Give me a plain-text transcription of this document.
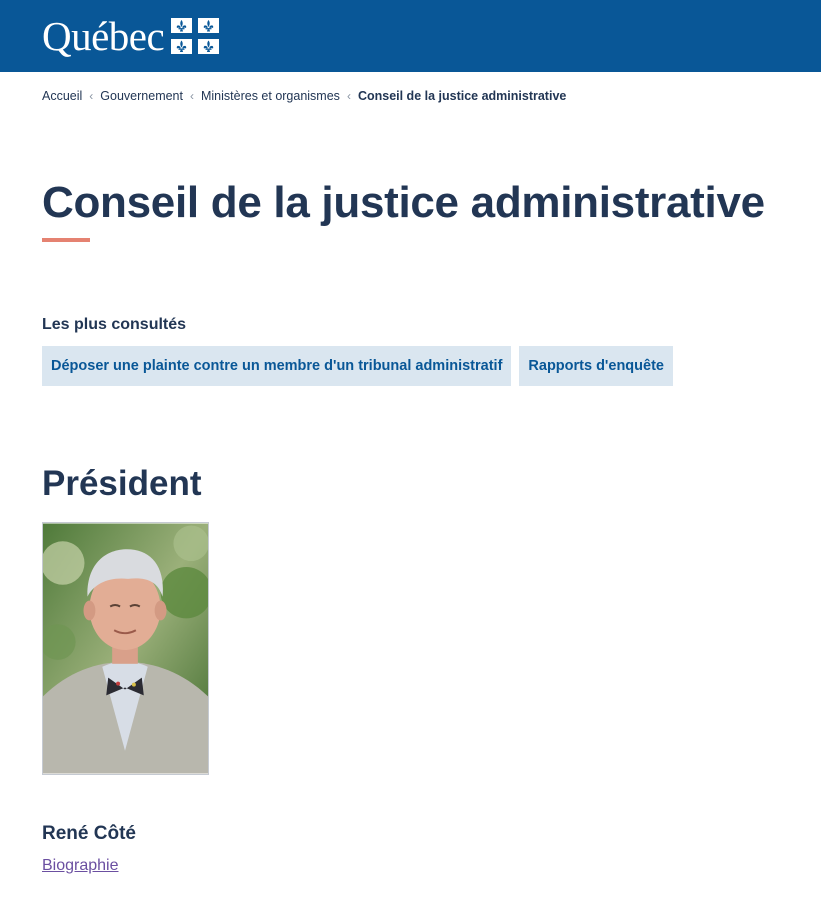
Québec
Accueil ‹ Gouvernement ‹ Ministères et organismes ‹ Conseil de la justice administrative
Conseil de la justice administrative
Les plus consultés
Déposer une plainte contre un membre d'un tribunal administratif	Rapports d'enquête
Président
René Côté
Biographie
